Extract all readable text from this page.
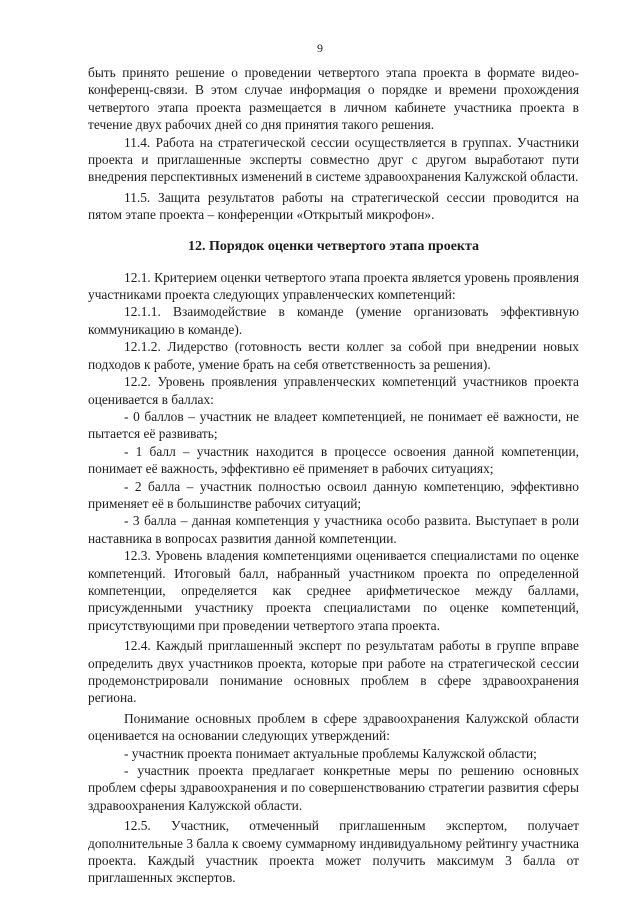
9

быть принято решение о проведении четвертого этапа проекта в формате видео-конференц-связи. В этом случае информация о порядке и времени прохождения четвертого этапа проекта размещается в личном кабинете участника проекта в течение двух рабочих дней со дня принятия такого решения.

11.4. Работа на стратегической сессии осуществляется в группах. Участники проекта и приглашенные эксперты совместно друг с другом выработают пути внедрения перспективных изменений в системе здравоохранения Калужской области.

11.5. Защита результатов работы на стратегической сессии проводится на пятом этапе проекта – конференции «Открытый микрофон».

12. Порядок оценки четвертого этапа проекта

12.1. Критерием оценки четвертого этапа проекта является уровень проявления участниками проекта следующих управленческих компетенций:

12.1.1. Взаимодействие в команде (умение организовать эффективную коммуникацию в команде).

12.1.2. Лидерство (готовность вести коллег за собой при внедрении новых подходов к работе, умение брать на себя ответственность за решения).

12.2. Уровень проявления управленческих компетенций участников проекта оценивается в баллах:

- 0 баллов – участник не владеет компетенцией, не понимает её важности, не пытается её развивать;

- 1 балл – участник находится в процессе освоения данной компетенции, понимает её важность, эффективно её применяет в рабочих ситуациях;

- 2 балла – участник полностью освоил данную компетенцию, эффективно применяет её в большинстве рабочих ситуаций;

- 3 балла – данная компетенция у участника особо развита. Выступает в роли наставника в вопросах развития данной компетенции.

12.3. Уровень владения компетенциями оценивается специалистами по оценке компетенций. Итоговый балл, набранный участником проекта по определенной компетенции, определяется как среднее арифметическое между баллами, присужденными участнику проекта специалистами по оценке компетенций, присутствующими при проведении четвертого этапа проекта.

12.4. Каждый приглашенный эксперт по результатам работы в группе вправе определить двух участников проекта, которые при работе на стратегической сессии продемонстрировали понимание основных проблем в сфере здравоохранения региона.

Понимание основных проблем в сфере здравоохранения Калужской области оценивается на основании следующих утверждений:

- участник проекта понимает актуальные проблемы Калужской области;

- участник проекта предлагает конкретные меры по решению основных проблем сферы здравоохранения и по совершенствованию стратегии развития сферы здравоохранения Калужской области.

12.5. Участник, отмеченный приглашенным экспертом, получает дополнительные 3 балла к своему суммарному индивидуальному рейтингу участника проекта. Каждый участник проекта может получить максимум 3 балла от приглашенных экспертов.
